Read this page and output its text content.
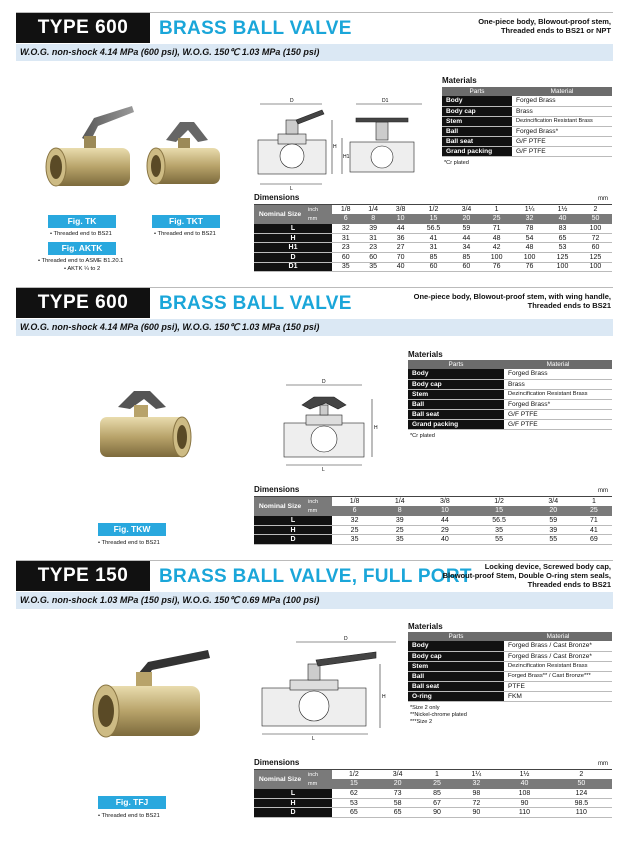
TYPE 600	BRASS BALL VALVE	One-piece body, Blowout-proof stem,
Threaded ends to BS21 or NPT
W.O.G. non-shock 4.14 MPa (600 psi), W.O.G. 150℃ 1.03 MPa (150 psi)
Fig. TK
• Threaded end to BS21
Fig. TKT
• Threaded end to BS21
Fig. AKTK
• Threaded end to ASME B1.20.1
• AKTK ¼ to 2
D	D1
H
H1
L
Materials
Parts	Material
Body	Forged Brass
Body cap	Brass
Stem	Dezincification Resistant Brass
Ball	Forged Brass*
Ball seat	G/F PTFE
Grand packing	G/F PTFE
*Cr plated
Dimensions	mm
Nominal Size	inch	1/8	1/4	3/8	1/2	3/4	1	1¼	1½	2
	mm	6	8	10	15	20	25	32	40	50
L		32	39	44	56.5	59	71	78	83	100
H		31	31	36	41	44	48	54	65	72
H1		23	23	27	31	34	42	48	53	60
D		60	60	70	85	85	100	100	125	125
D1		35	35	40	60	60	76	76	100	100
TYPE 600	BRASS BALL VALVE	One-piece body, Blowout-proof stem, with wing handle,
Threaded ends to BS21
W.O.G. non-shock 4.14 MPa (600 psi), W.O.G. 150℃ 1.03 MPa (150 psi)
Fig. TKW
• Threaded end to BS21
D
H
L
Materials
Parts	Material
Body	Forged Brass
Body cap	Brass
Stem	Dezincification Resistant Brass
Ball	Forged Brass*
Ball seat	G/F PTFE
Grand packing	G/F PTFE
*Cr plated
Dimensions	mm
Nominal Size	inch	1/8	1/4	3/8	1/2	3/4	1
	mm	6	8	10	15	20	25
L		32	39	44	56.5	59	71
H		25	25	29	35	39	41
D		35	35	40	55	55	69
TYPE 150	BRASS BALL VALVE, FULL PORT	Locking device, Screwed body cap,
Blowout-proof Stem, Double O-ring stem seals,
Threaded ends to BS21
W.O.G. non-shock 1.03 MPa (150 psi), W.O.G. 150℃ 0.69 MPa (100 psi)
Fig. TFJ
• Threaded end to BS21
D
H
L
Materials
Parts	Material
Body	Forged Brass / Cast Bronze*
Body cap	Forged Brass / Cast Bronze*
Stem	Dezincification Resistant Brass
Ball	Forged Brass** / Cast Bronze***
Ball seat	PTFE
O-ring	FKM
*Size 2 only
**Nickel-chrome plated
***Size 2
Dimensions	mm
Nominal Size	inch	1/2	3/4	1	1¼	1½	2
	mm	15	20	25	32	40	50
L		62	73	85	98	108	124
H		53	58	67	72	90	98.5
D		65	65	90	90	110	110
